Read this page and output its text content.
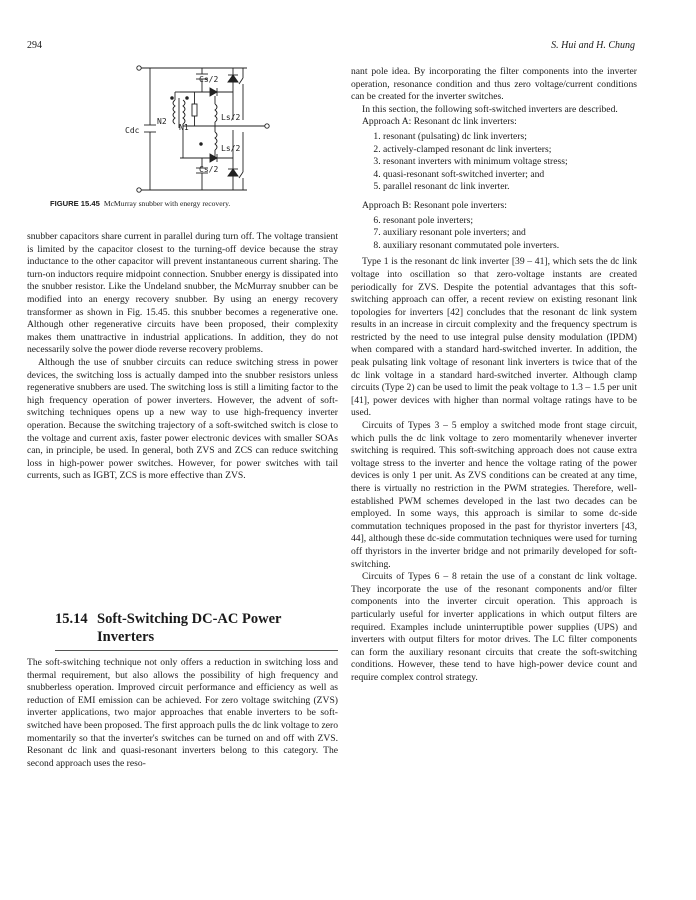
294	S. Hui and H. Chung
Cs/2
Ls/2
N2
N1
Cdc
Ls/2
Cs/2
FIGURE 15.45 McMurray snubber with energy recovery.

snubber capacitors share current in parallel during turn off. The voltage transient is limited by the capacitor closest to the turning-off device because the stray inductance to the other capacitor will prevent instantaneous current sharing. The turn-on inductors require midpoint connection. Snubber energy is dissipated into the snubber resistor. Like the Undeland snubber, the McMurray snubber can be modified into an energy recovery snubber. By using an energy recovery transformer as shown in Fig. 15.45. this snubber becomes a regenerative one. Although other regenerative circuits have been proposed, their complexity makes them unattractive in industrial applications. In addition, they do not necessarily solve the power diode reverse recovery problems.

Although the use of snubber circuits can reduce switching stress in power devices, the switching loss is actually damped into the snubber resistors unless regenerative snubbers are used. The switching loss is still a limiting factor to the high frequency operation of power inverters. However, the advent of soft-switching techniques opens up a new way to use high-frequency inverter operation. Because the switching trajectory of a soft-switched switch is close to the voltage and current axis, faster power electronic devices with smaller SOAs can, in principle, be used. In general, both ZVS and ZCS can reduce switching loss in high-power power switches. However, for power switches with tail currents, such as IGBT, ZCS is more effective than ZVS.

15.14 Soft-Switching DC-AC Power
Inverters

The soft-switching technique not only offers a reduction in switching loss and thermal requirement, but also allows the possibility of high frequency and snubberless operation. Improved circuit performance and efficiency as well as reduction of EMI emission can be achieved. For zero voltage switching (ZVS) inverter applications, two major approaches that enable inverters to be soft-switched have been proposed. The first approach pulls the dc link voltage to zero momentarily so that the inverter's switches can be turned on and off with ZVS. Resonant dc link and quasi-resonant inverters belong to this category. The second approach uses the reso-

nant pole idea. By incorporating the filter components into the inverter operation, resonance condition and thus zero voltage/current conditions can be created for the inverter switches.

In this section, the following soft-switched inverters are described.

Approach A: Resonant dc link inverters:

1. resonant (pulsating) dc link inverters;
2. actively-clamped resonant dc link inverters;
3. resonant inverters with minimum voltage stress;
4. quasi-resonant soft-switched inverter; and
5. parallel resonant dc link inverter.

Approach B: Resonant pole inverters:

6. resonant pole inverters;
7. auxiliary resonant pole inverters; and
8. auxiliary resonant commutated pole inverters.

Type 1 is the resonant dc link inverter [39 – 41], which sets the dc link voltage into oscillation so that zero-voltage instants are created periodically for ZVS. Despite the potential advantages that this soft-switching approach can offer, a recent review on existing resonant link topologies for inverters [42] concludes that the resonant dc link system results in an increase in circuit complexity and the frequency spectrum is restricted by the need to use integral pulse density modulation (IPDM) when compared with a standard hard-switched inverter. In addition, the peak pulsating link voltage of resonant link inverters is twice that of the dc link voltage in a standard hard-switched inverter. Although clamp circuits (Type 2) can be used to limit the peak voltage to 1.3 – 1.5 per unit [41], power devices with higher than normal voltage ratings have to be used.

Circuits of Types 3 – 5 employ a switched mode front stage circuit, which pulls the dc link voltage to zero momentarily whenever inverter switching is required. This soft-switching approach does not cause extra voltage stress to the inverter and hence the voltage rating of the power devices is only 1 per unit. As ZVS conditions can be created at any time, there is virtually no restriction in the PWM strategies. Therefore, well-established PWM schemes developed in the last two decades can be employed. In some ways, this approach is similar to some dc-side commutation techniques proposed in the past for thyristor inverters [43, 44], although these dc-side commutation techniques were used for turning off thyristors in the inverter bridge and not primarily developed for soft-switching.

Circuits of Types 6 – 8 retain the use of a constant dc link voltage. They incorporate the use of the resonant components and/or filter components into the inverter circuit operation. This approach is particularly useful for inverter applications in which output filters are required. Examples include uninterruptible power supplies (UPS) and inverters with output filters for motor drives. The LC filter components can form the auxiliary resonant circuits that create the soft-switching conditions. However, these tend to have high-power device count and require complex control strategy.
